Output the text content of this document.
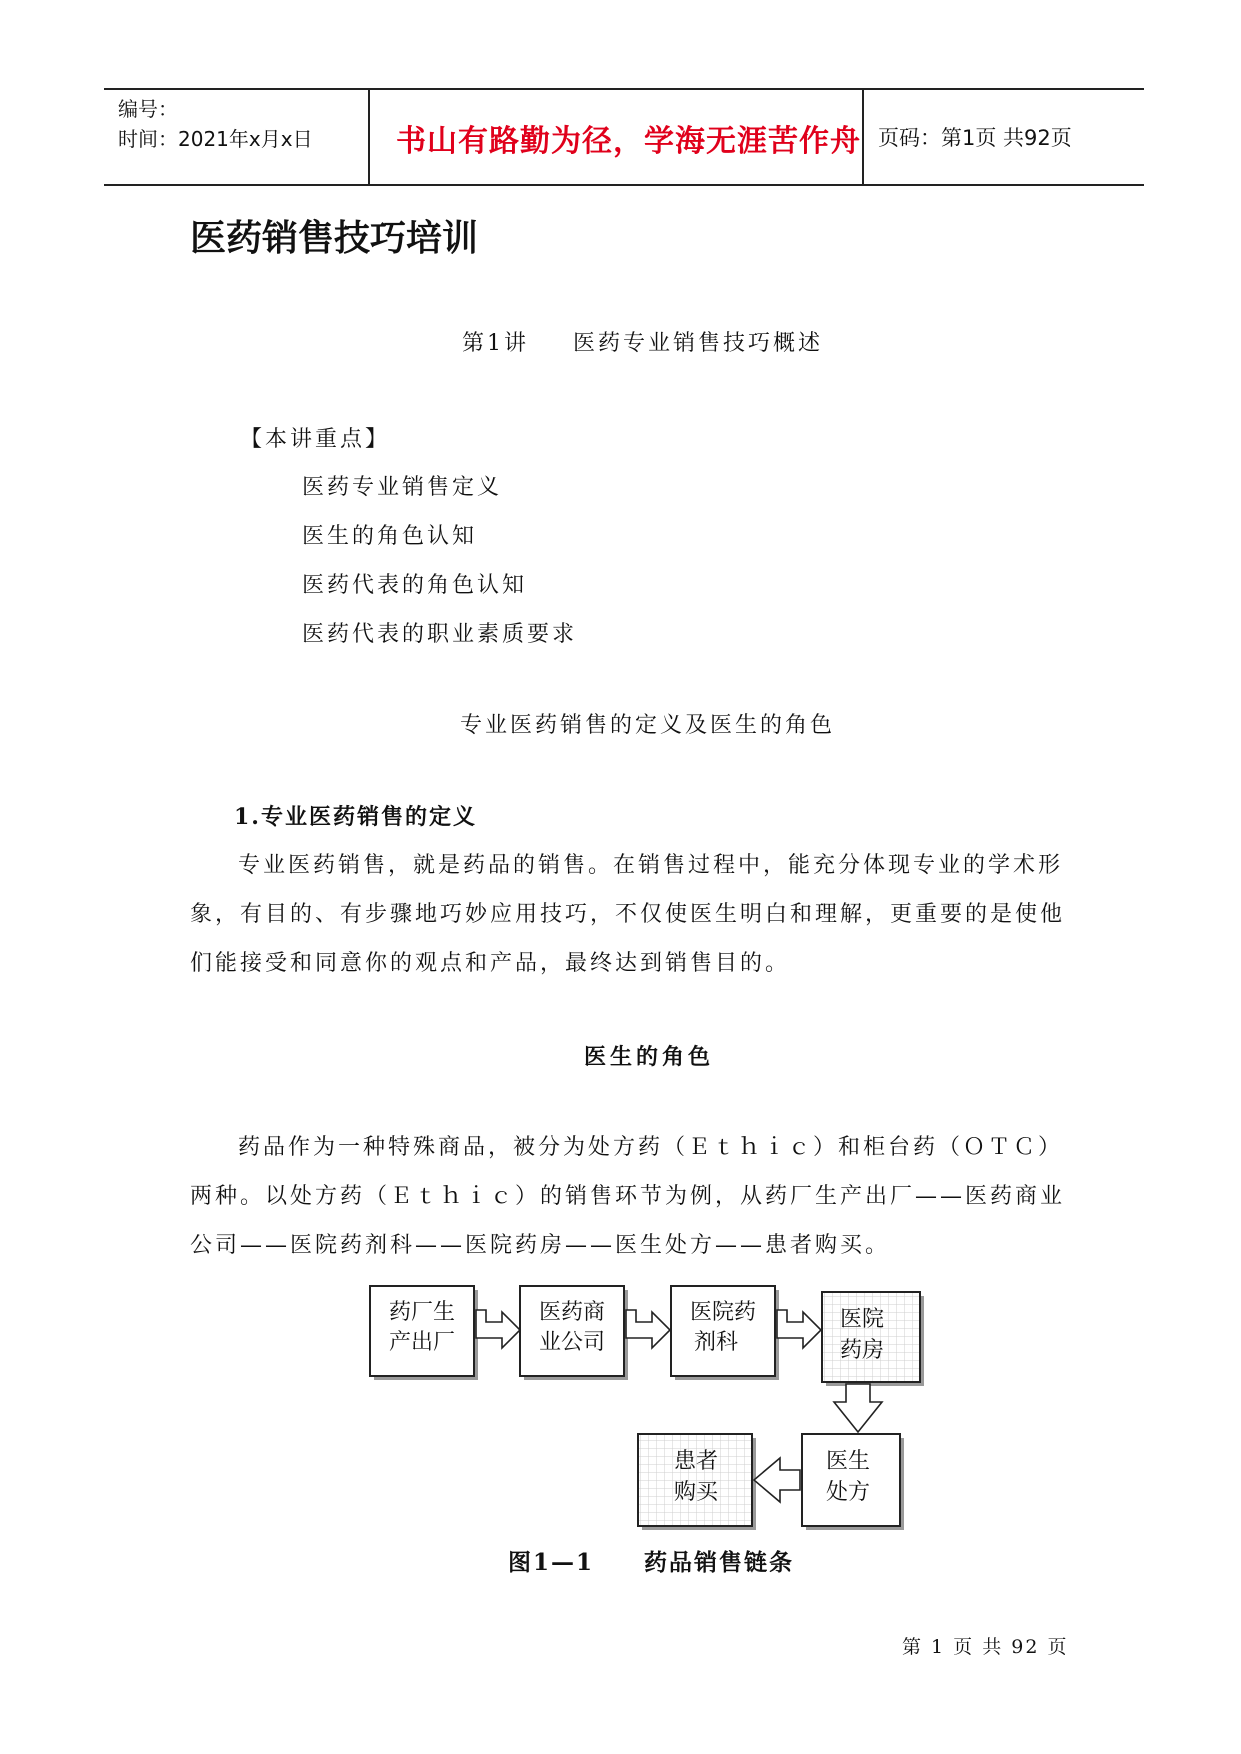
编号：
时间：2021年x月x日	书山有路勤为径，学海无涯苦作舟 页码：第1页 共92页
医药销售技巧培训
第1讲 医药专业销售技巧概述
【本讲重点】
医药专业销售定义
医生的角色认知
医药代表的角色认知
医药代表的职业素质要求
专业医药销售的定义及医生的角色
1.专业医药销售的定义
专业医药销售，就是药品的销售。在销售过程中，能充分体现专业的学术形
象，有目的、有步骤地巧妙应用技巧，不仅使医生明白和理解，更重要的是使他
们能接受和同意你的观点和产品，最终达到销售目的。
医生的角色
药品作为一种特殊商品，被分为处方药（Ｅｔｈｉｃ）和柜台药（ＯＴＣ）
两种。以处方药（Ｅｔｈｉｃ）的销售环节为例，从药厂生产出厂——医药商业
公司——医院药剂科——医院药房——医生处方——患者购买。
药厂生
产出厂
医药商
业公司
医院药
剂科
医院
药房
医生
处方
患者
购买
图1—1 药品销售链条
第 1 页 共 92 页
